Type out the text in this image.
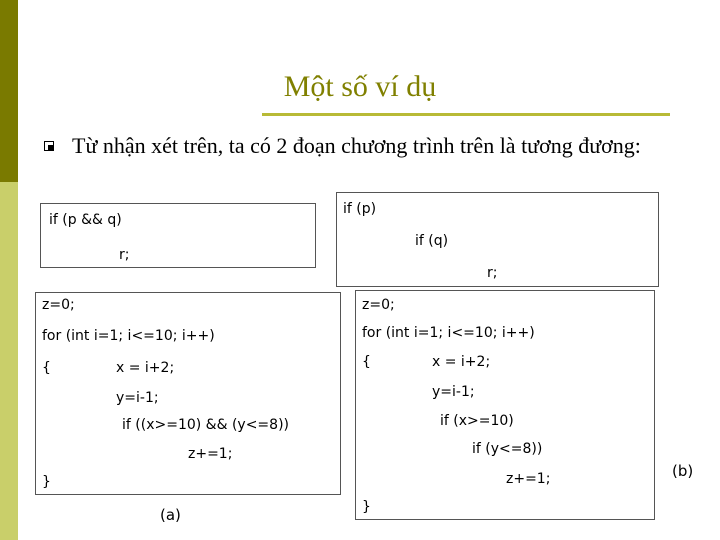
Một số ví dụ
Từ nhận xét trên, ta có 2 đoạn chương trình trên là tương đương:
if (p && q)
r;
if (p)
if (q)
r;
z=0;
for (int i=1; i<=10; i++)
{	x = i+2;
y=i-1;
if ((x>=10) && (y<=8))
z+=1;
}
(a)
z=0;
for (int i=1; i<=10; i++)
{	x = i+2;
y=i-1;
if (x>=10)
if (y<=8))
z+=1;
}
(b)
